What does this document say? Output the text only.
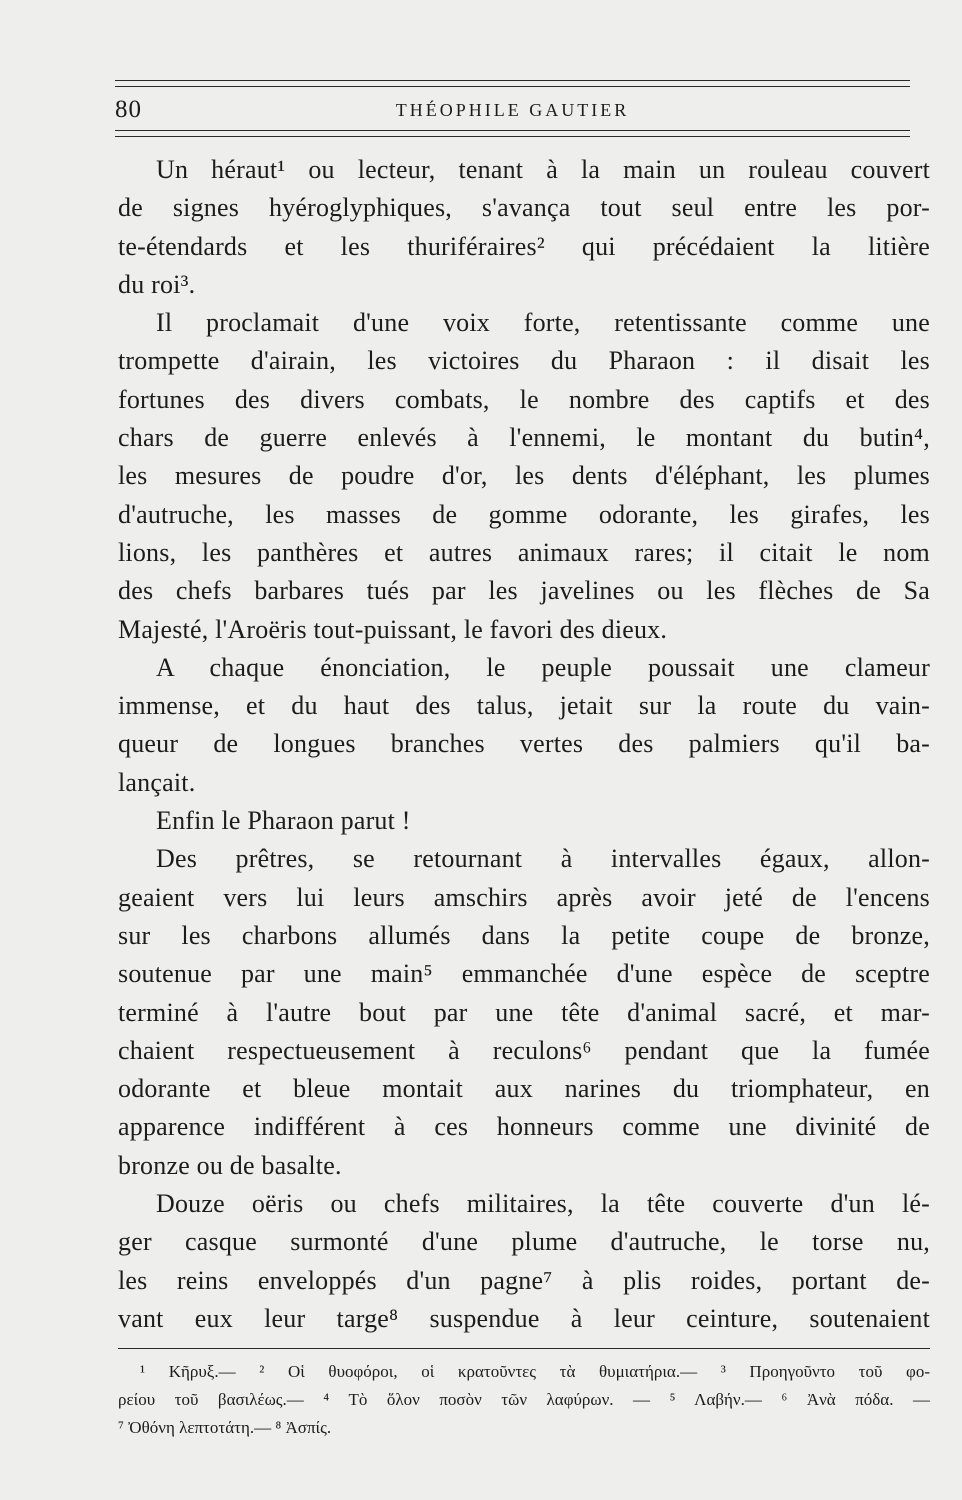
80	THÉOPHILE GAUTIER
Un héraut¹ ou lecteur, tenant à la main un rouleau couvert
de signes hyéroglyphiques, s'avança tout seul entre les por-
te-étendards et les thuriféraires² qui précédaient la litière
du roi³.
Il proclamait d'une voix forte, retentissante comme une
trompette d'airain, les victoires du Pharaon : il disait les
fortunes des divers combats, le nombre des captifs et des
chars de guerre enlevés à l'ennemi, le montant du butin⁴,
les mesures de poudre d'or, les dents d'éléphant, les plumes
d'autruche, les masses de gomme odorante, les girafes, les
lions, les panthères et autres animaux rares; il citait le nom
des chefs barbares tués par les javelines ou les flèches de Sa
Majesté, l'Aroëris tout-puissant, le favori des dieux.
A chaque énonciation, le peuple poussait une clameur
immense, et du haut des talus, jetait sur la route du vain-
queur de longues branches vertes des palmiers qu'il ba-
lançait.
Enfin le Pharaon parut !
Des prêtres, se retournant à intervalles égaux, allon-
geaient vers lui leurs amschirs après avoir jeté de l'encens
sur les charbons allumés dans la petite coupe de bronze,
soutenue par une main⁵ emmanchée d'une espèce de sceptre
terminé à l'autre bout par une tête d'animal sacré, et mar-
chaient respectueusement à reculons⁶ pendant que la fumée
odorante et bleue montait aux narines du triomphateur, en
apparence indifférent à ces honneurs comme une divinité de
bronze ou de basalte.
Douze oëris ou chefs militaires, la tête couverte d'un lé-
ger casque surmonté d'une plume d'autruche, le torse nu,
les reins enveloppés d'un pagne⁷ à plis roides, portant de-
vant eux leur targe⁸ suspendue à leur ceinture, soutenaient
¹ Κῆρυξ.— ² Οἱ θυοφόροι, οἱ κρατοῦντες τὰ θυμιατήρια.— ³ Προηγοῦντο τοῦ φο-
ρείου τοῦ βασιλέως.— ⁴ Τὸ ὅλον ποσὸν τῶν λαφύρων. — ⁵ Λαβήν.— ⁶ Ἀνὰ πόδα. —
⁷ Ὀθόνη λεπτοτάτη.— ⁸ Ἀσπίς.
